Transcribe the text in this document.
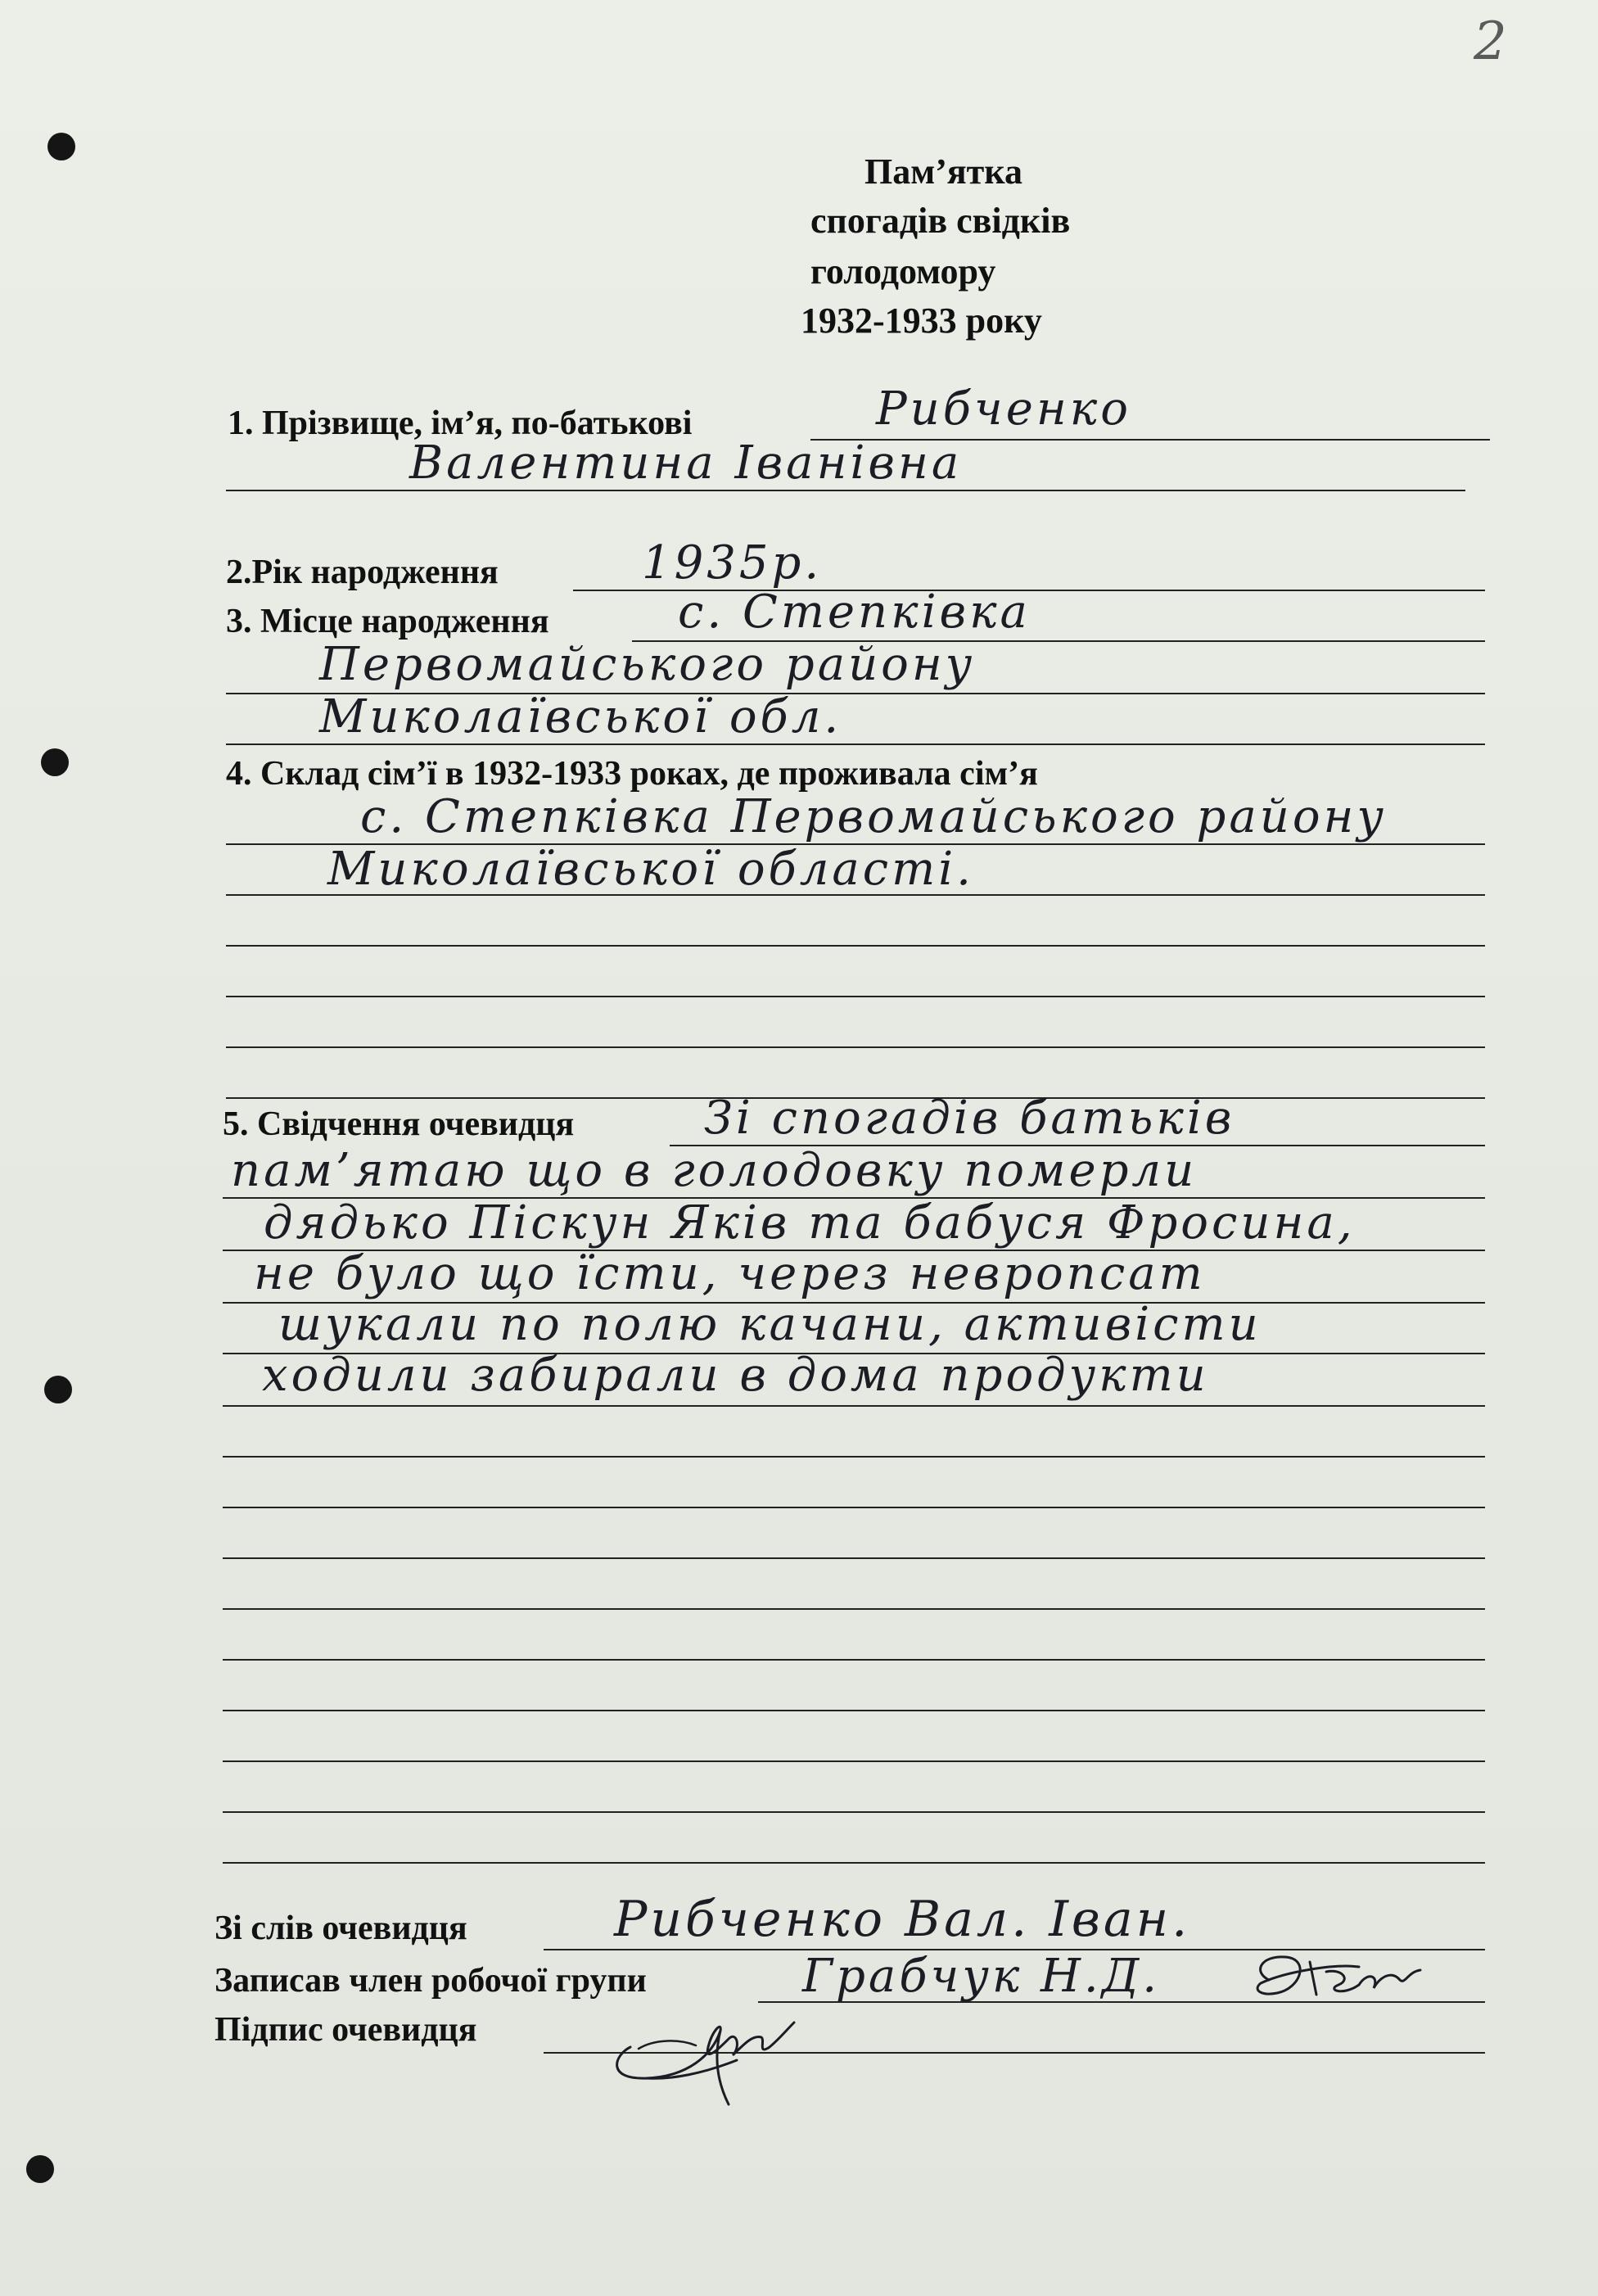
2
Пам’ятка
спогадів свідків
голодомору
1932-1933 року
1. Прізвище, ім’я, по-батькові	Рибченко
Валентина Іванівна
2.Рік народження	1935р.
3. Місце народження	с. Степківка
Первомайського району
Миколаївської обл.
4. Склад сім’ї в 1932-1933 роках, де проживала сім’я
с. Степківка Первомайського району
Миколаївської області.
5. Свідчення очевидця	Зі спогадів батьків
пам’ятаю що в голодовку померли
дядько Піскун Яків та бабуся Фросина,
не було що їсти, через невропсат
шукали по полю качани, активісти
ходили забирали в дома продукти
Зі слів очевидця	Рибченко Вал. Іван.
Записав член робочої групи	Грабчук Н.Д.
Підпис очевидця
